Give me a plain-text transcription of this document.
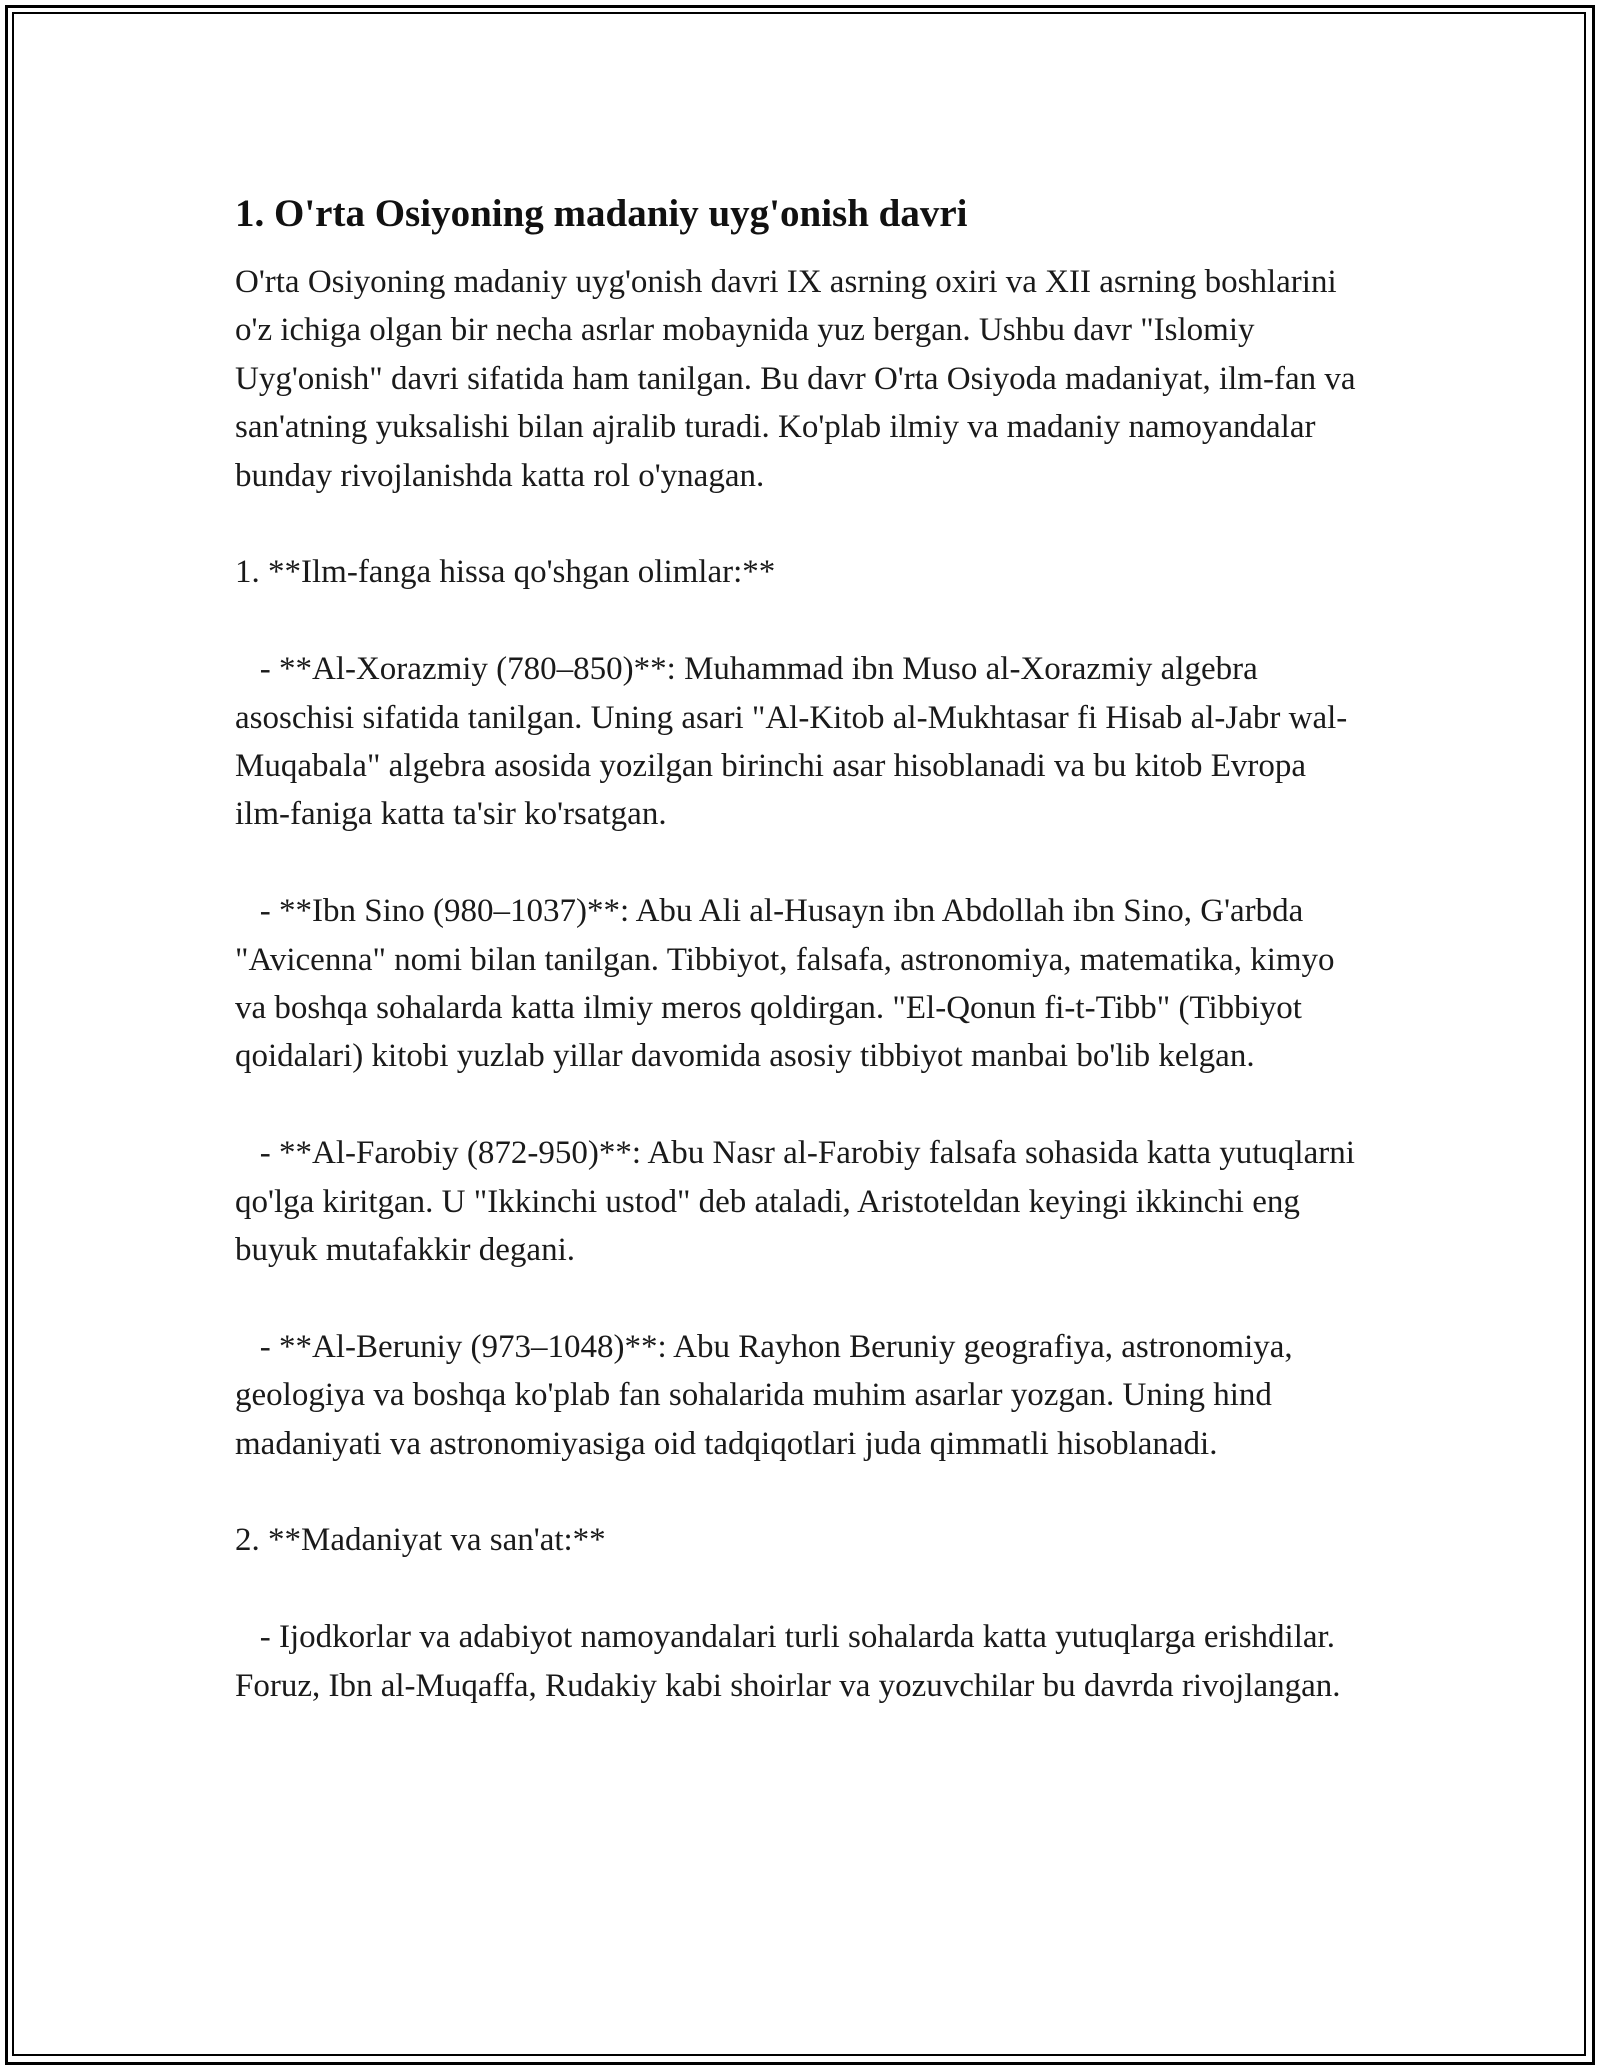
1. O'rta Osiyoning madaniy uyg'onish davri

O'rta Osiyoning madaniy uyg'onish davri IX asrning oxiri va XII asrning boshlarini o'z ichiga olgan bir necha asrlar mobaynida yuz bergan. Ushbu davr "Islomiy Uyg'onish" davri sifatida ham tanilgan. Bu davr O'rta Osiyoda madaniyat, ilm-fan va san'atning yuksalishi bilan ajralib turadi. Ko'plab ilmiy va madaniy namoyandalar bunday rivojlanishda katta rol o'ynagan.

1. **Ilm-fanga hissa qo'shgan olimlar:**

- **Al-Xorazmiy (780–850)**: Muhammad ibn Muso al-Xorazmiy algebra asoschisi sifatida tanilgan. Uning asari "Al-Kitob al-Mukhtasar fi Hisab al-Jabr wal-Muqabala" algebra asosida yozilgan birinchi asar hisoblanadi va bu kitob Evropa ilm-faniga katta ta'sir ko'rsatgan.

- **Ibn Sino (980–1037)**: Abu Ali al-Husayn ibn Abdollah ibn Sino, G'arbda "Avicenna" nomi bilan tanilgan. Tibbiyot, falsafa, astronomiya, matematika, kimyo va boshqa sohalarda katta ilmiy meros qoldirgan. "El-Qonun fi-t-Tibb" (Tibbiyot qoidalari) kitobi yuzlab yillar davomida asosiy tibbiyot manbai bo'lib kelgan.

- **Al-Farobiy (872-950)**: Abu Nasr al-Farobiy falsafa sohasida katta yutuqlarni qo'lga kiritgan. U "Ikkinchi ustod" deb ataladi, Aristoteldan keyingi ikkinchi eng buyuk mutafakkir degani.

- **Al-Beruniy (973–1048)**: Abu Rayhon Beruniy geografiya, astronomiya, geologiya va boshqa ko'plab fan sohalarida muhim asarlar yozgan. Uning hind madaniyati va astronomiyasiga oid tadqiqotlari juda qimmatli hisoblanadi.

2. **Madaniyat va san'at:**

- Ijodkorlar va adabiyot namoyandalari turli sohalarda katta yutuqlarga erishdilar. Foruz, Ibn al-Muqaffa, Rudakiy kabi shoirlar va yozuvchilar bu davrda rivojlangan.
